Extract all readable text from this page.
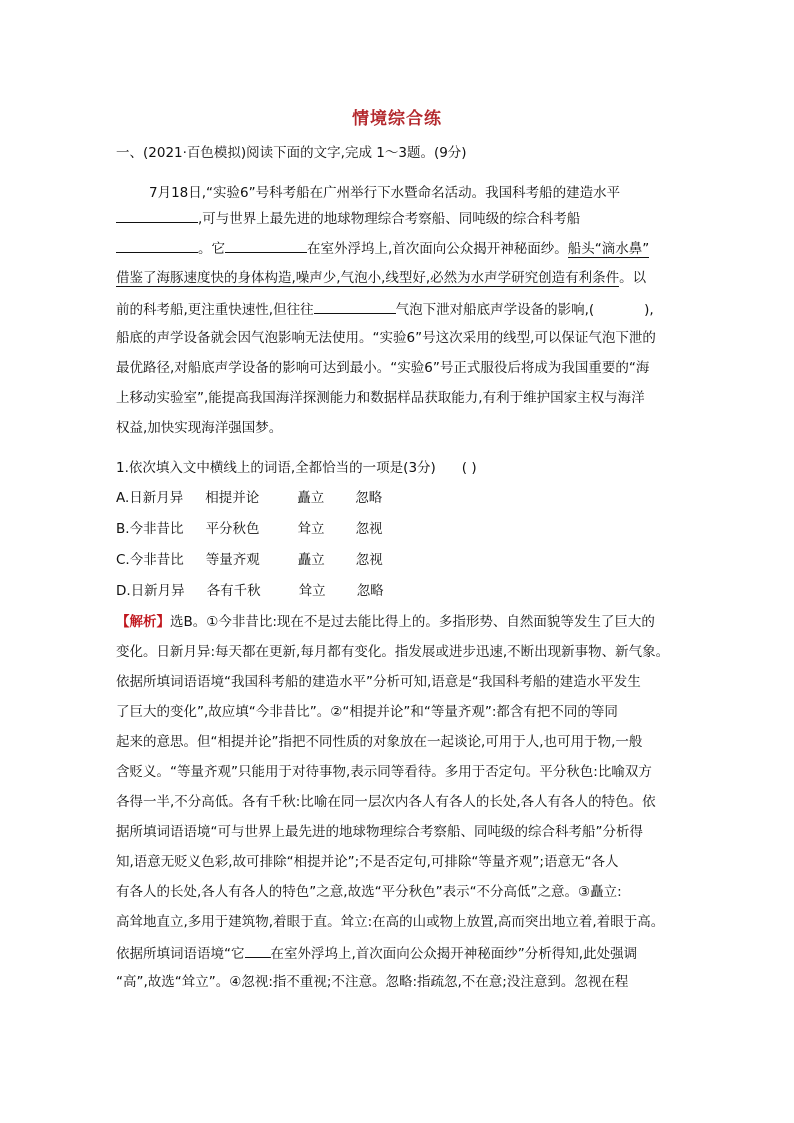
情境综合练
一、(2021·百色模拟)阅读下面的文字,完成 1～3题。(9分)
7月18日,“实验6”号科考船在广州举行下水暨命名活动。我国科考船的建造水平
,可与世界上最先进的地球物理综合考察船、同吨级的综合科考船
。它	在室外浮坞上,首次面向公众揭开神秘面纱。船头“滴水鼻”
借鉴了海豚速度快的身体构造,噪声少,气泡小,线型好,必然为水声学研究创造有利条件。以
前的科考船,更注重快速性,但往往	气泡下泄对船底声学设备的影响,(	),
船底的声学设备就会因气泡影响无法使用。“实验6”号这次采用的线型,可以保证气泡下泄的
最优路径,对船底声学设备的影响可达到最小。“实验6”号正式服役后将成为我国重要的“海
上移动实验室”,能提高我国海洋探测能力和数据样品获取能力,有利于维护国家主权与海洋
权益,加快实现海洋强国梦。
1.依次填入文中横线上的词语,全都恰当的一项是(3分) ( )
A.日新月异 相提并论	矗立 忽略
B.今非昔比 平分秋色	耸立 忽视
C.今非昔比 等量齐观	矗立 忽视
D.日新月异 各有千秋	耸立 忽略
【解析】选B。①今非昔比:现在不是过去能比得上的。多指形势、自然面貌等发生了巨大的
变化。日新月异:每天都在更新,每月都有变化。指发展或进步迅速,不断出现新事物、新气象。
依据所填词语语境“我国科考船的建造水平”分析可知,语意是“我国科考船的建造水平发生
了巨大的变化”,故应填“今非昔比”。②“相提并论”和“等量齐观”:都含有把不同的等同
起来的意思。但“相提并论”指把不同性质的对象放在一起谈论,可用于人,也可用于物,一般
含贬义。“等量齐观”只能用于对待事物,表示同等看待。多用于否定句。平分秋色:比喻双方
各得一半,不分高低。各有千秋:比喻在同一层次内各人有各人的长处,各人有各人的特色。依
据所填词语语境“可与世界上最先进的地球物理综合考察船、同吨级的综合科考船”分析得
知,语意无贬义色彩,故可排除“相提并论”;不是否定句,可排除“等量齐观”;语意无“各人
有各人的长处,各人有各人的特色”之意,故选“平分秋色”表示“不分高低”之意。③矗立:
高耸地直立,多用于建筑物,着眼于直。耸立:在高的山或物上放置,高而突出地立着,着眼于高。
依据所填词语语境“它 在室外浮坞上,首次面向公众揭开神秘面纱”分析得知,此处强调
“高”,故选“耸立”。④忽视:指不重视;不注意。忽略:指疏忽,不在意;没注意到。忽视在程
